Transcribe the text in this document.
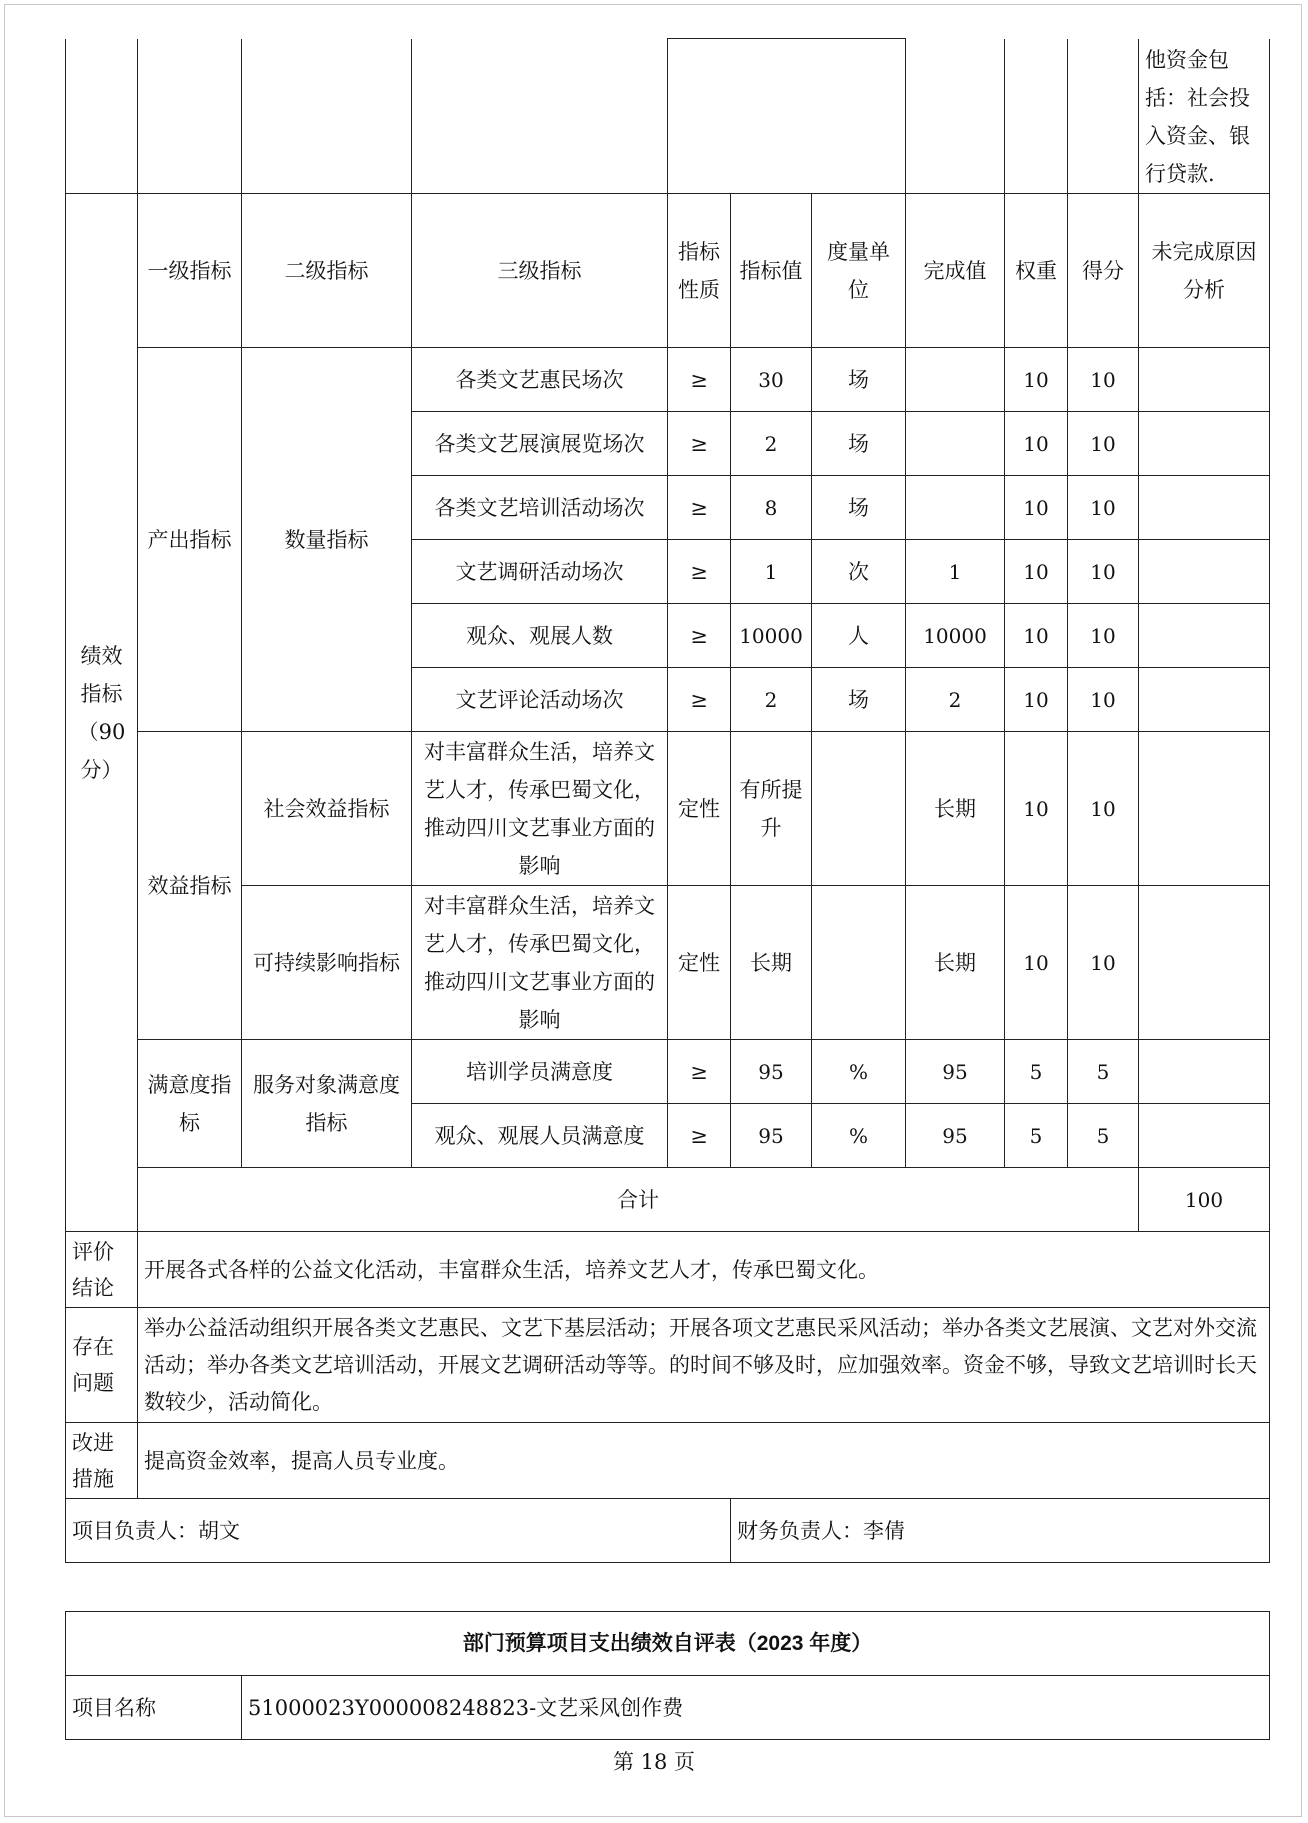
										他资金包括：社会投入资金、银行贷款.	
绩效指标（90分）	一级指标	二级指标	三级指标	指标性质	指标值	度量单位	完成值	权重	得分	未完成原因分析	
	产出指标	数量指标	各类文艺惠民场次	≥	30	场		10	10		
			各类文艺展演展览场次	≥	2	场		10	10		
			各类文艺培训活动场次	≥	8	场		10	10		
			文艺调研活动场次	≥	1	次	1	10	10		
			观众、观展人数	≥	10000	人	10000	10	10		
			文艺评论活动场次	≥	2	场	2	10	10		
	效益指标	社会效益指标	对丰富群众生活，培养文艺人才，传承巴蜀文化，推动四川文艺事业方面的影响	定性	有所提升		长期	10	10		
		可持续影响指标	对丰富群众生活，培养文艺人才，传承巴蜀文化，推动四川文艺事业方面的影响	定性	长期		长期	10	10		
	满意度指标	服务对象满意度指标	培训学员满意度	≥	95	%	95	5	5		
			观众、观展人员满意度	≥	95	%	95	5	5		
	合计									100		
评价结论	开展各式各样的公益文化活动，丰富群众生活，培养文艺人才，传承巴蜀文化。										
存在问题	举办公益活动组织开展各类文艺惠民、文艺下基层活动；开展各项文艺惠民采风活动；举办各类文艺展演、文艺对外交流活动；举办各类文艺培训活动，开展文艺调研活动等等。的时间不够及时，应加强效率。资金不够，导致文艺培训时长天数较少，活动简化。										
改进措施	提高资金效率，提高人员专业度。										
项目负责人：胡文					财务负责人：李倩						
部门预算项目支出绩效自评表（2023 年度）
项目名称	51000023Y000008248823-文艺采风创作费
第 18 页
